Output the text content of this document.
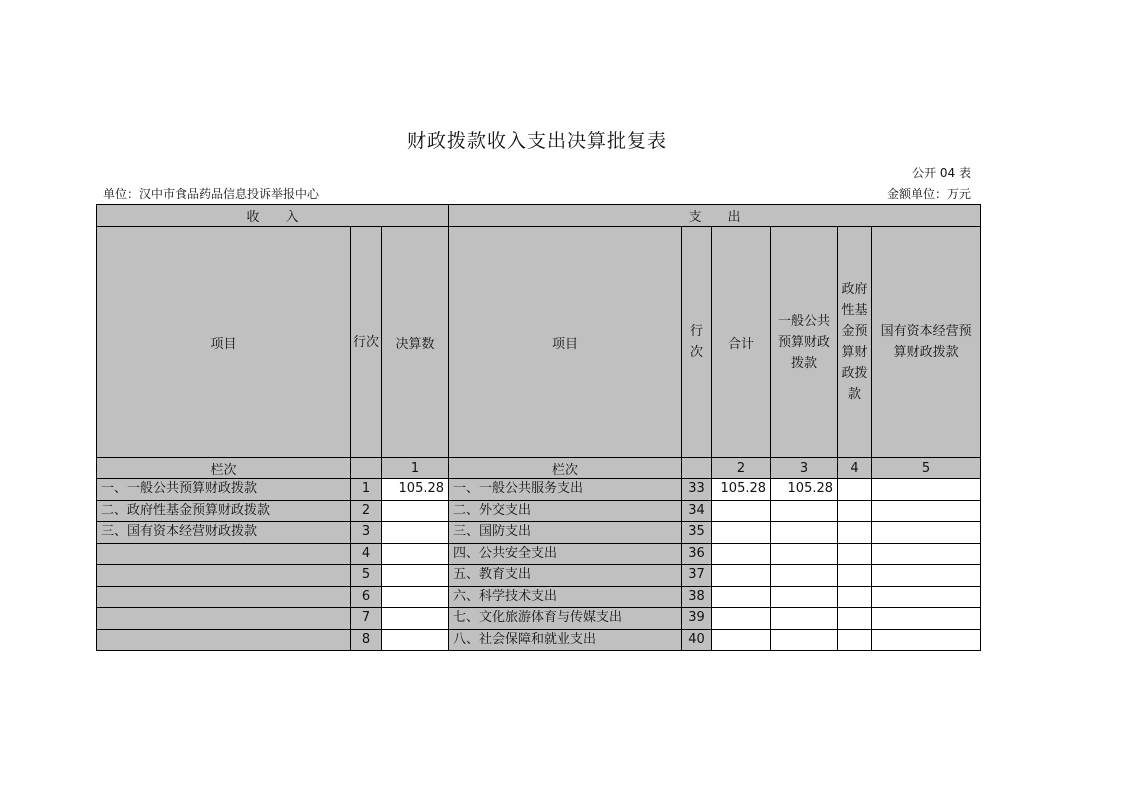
财政拨款收入支出决算批复表
公开 04 表
单位：汉中市食品药品信息投诉举报中心	金额单位：万元
收　　入			支　　出					
项目	行次	决算数	项目	行次	合计	一般公共预算财政拨款	政府性基金预算财政拨款	国有资本经营预算财政拨款
栏次		1	栏次		2	3	4	5
一、一般公共预算财政拨款	1	105.28	一、一般公共服务支出	33	105.28	105.28		
二、政府性基金预算财政拨款	2		二、外交支出	34				
三、国有资本经营财政拨款	3		三、国防支出	35				
	4		四、公共安全支出	36				
	5		五、教育支出	37				
	6		六、科学技术支出	38				
	7		七、文化旅游体育与传媒支出	39				
	8		八、社会保障和就业支出	40				
